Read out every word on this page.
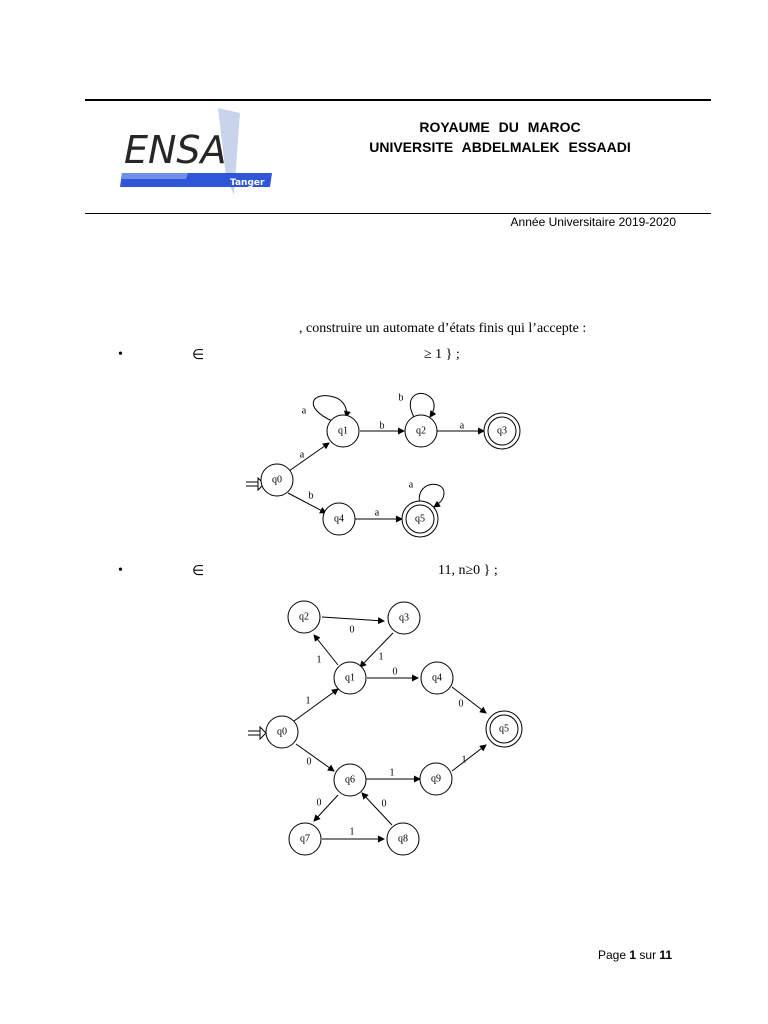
ENSA
Tanger
ROYAUME DU MAROC
UNIVERSITE ABDELMALEK ESSAADI
Année Universitaire 2019-2020
, construire un automate d’états finis qui l’accepte :
•	∈	≥ 1 } ;
a
a
b
b
a
b
a
a
q0
q1	q2	q3
q4	q5
•	∈	11, n≥0 } ;
1
1
0
1
0
0
0
1
1
0
1
0
q0
q1
q2	q3
q4
q5
q6
q7	q8
q9
Page 1 sur 11
